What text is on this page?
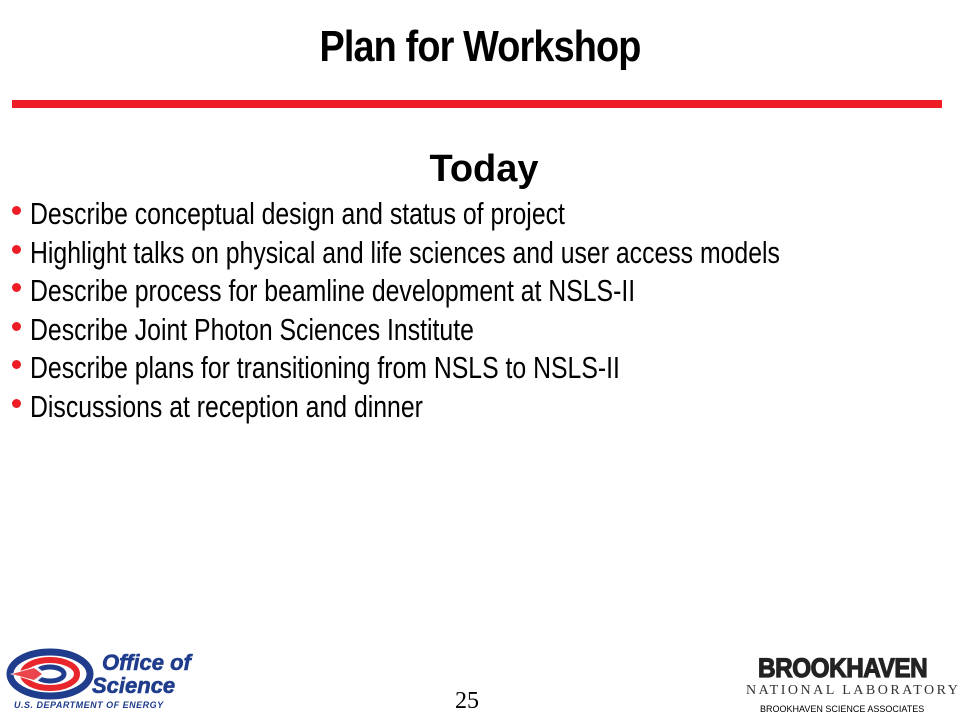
Plan for Workshop
Today
Describe conceptual design and status of project
Highlight talks on physical and life sciences and user access models
Describe process for beamline development at NSLS-II
Describe Joint Photon Sciences Institute
Describe plans for transitioning from NSLS to NSLS-II
Discussions at reception and dinner
Office of
Science
U.S. DEPARTMENT OF ENERGY	25
BROOKHAVEN
NATIONAL LABORATORY
BROOKHAVEN SCIENCE ASSOCIATES
